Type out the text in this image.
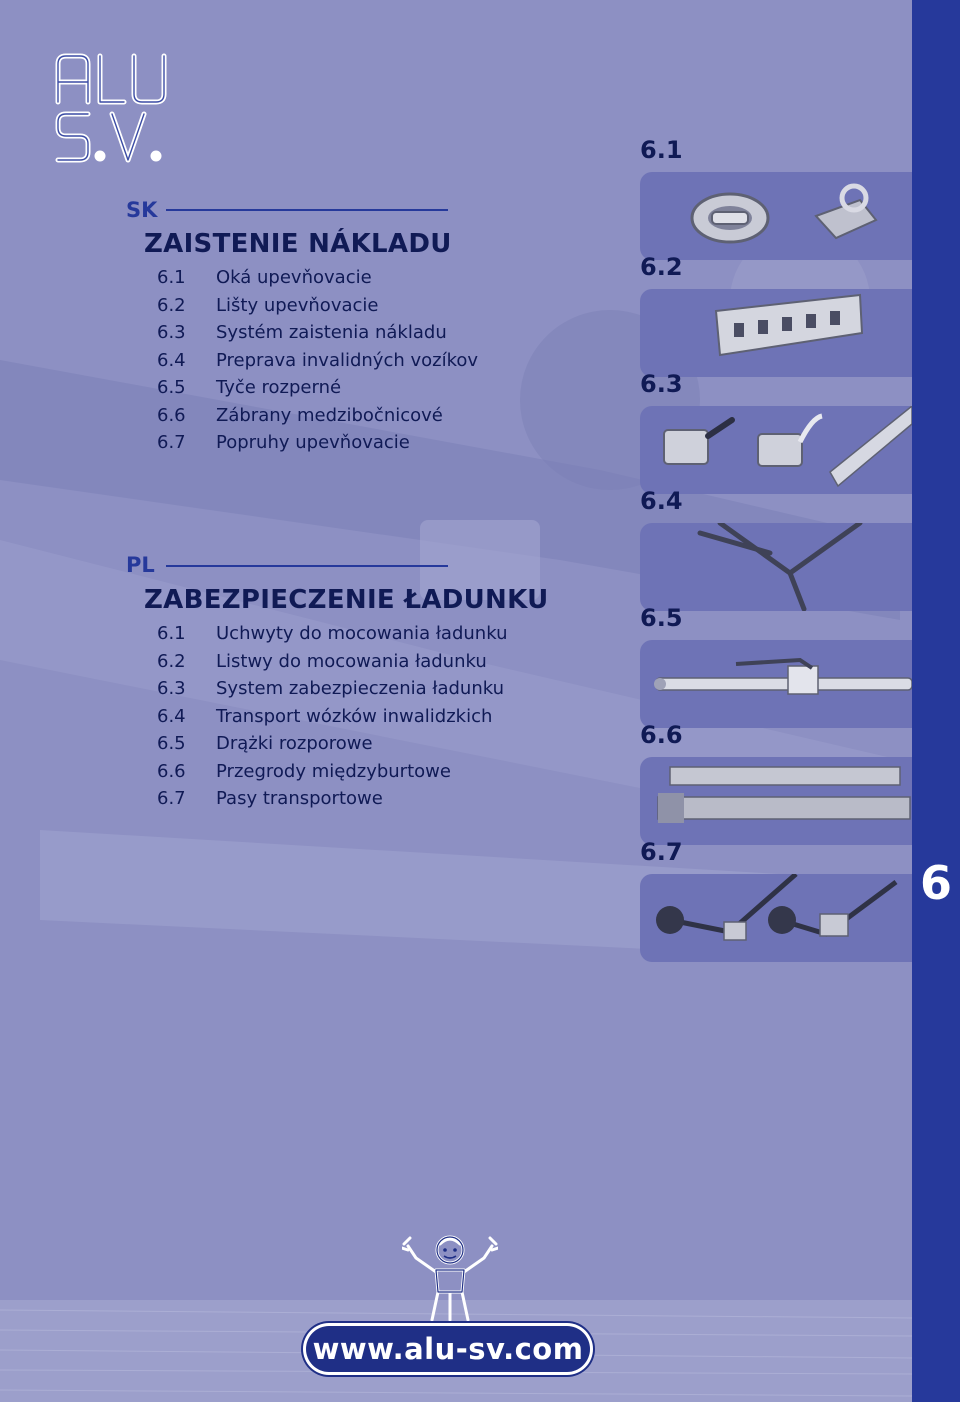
6
SK
ZAISTENIE NÁKLADU
6.1 Oká upevňovacie
6.2 Lišty upevňovacie
6.3 Systém zaistenia nákladu
6.4 Preprava invalidných vozíkov
6.5 Tyče rozperné
6.6 Zábrany medzibočnicové
6.7 Popruhy upevňovacie
PL
ZABEZPIECZENIE ŁADUNKU
6.1 Uchwyty do mocowania ładunku
6.2 Listwy do mocowania ładunku
6.3 System zabezpieczenia ładunku
6.4 Transport wózków inwalidzkich
6.5 Drążki rozporowe
6.6 Przegrody międzyburtowe
6.7 Pasy transportowe
6.1
6.2
6.3
6.4
6.5
6.6
6.7
www.alu-sv.com
